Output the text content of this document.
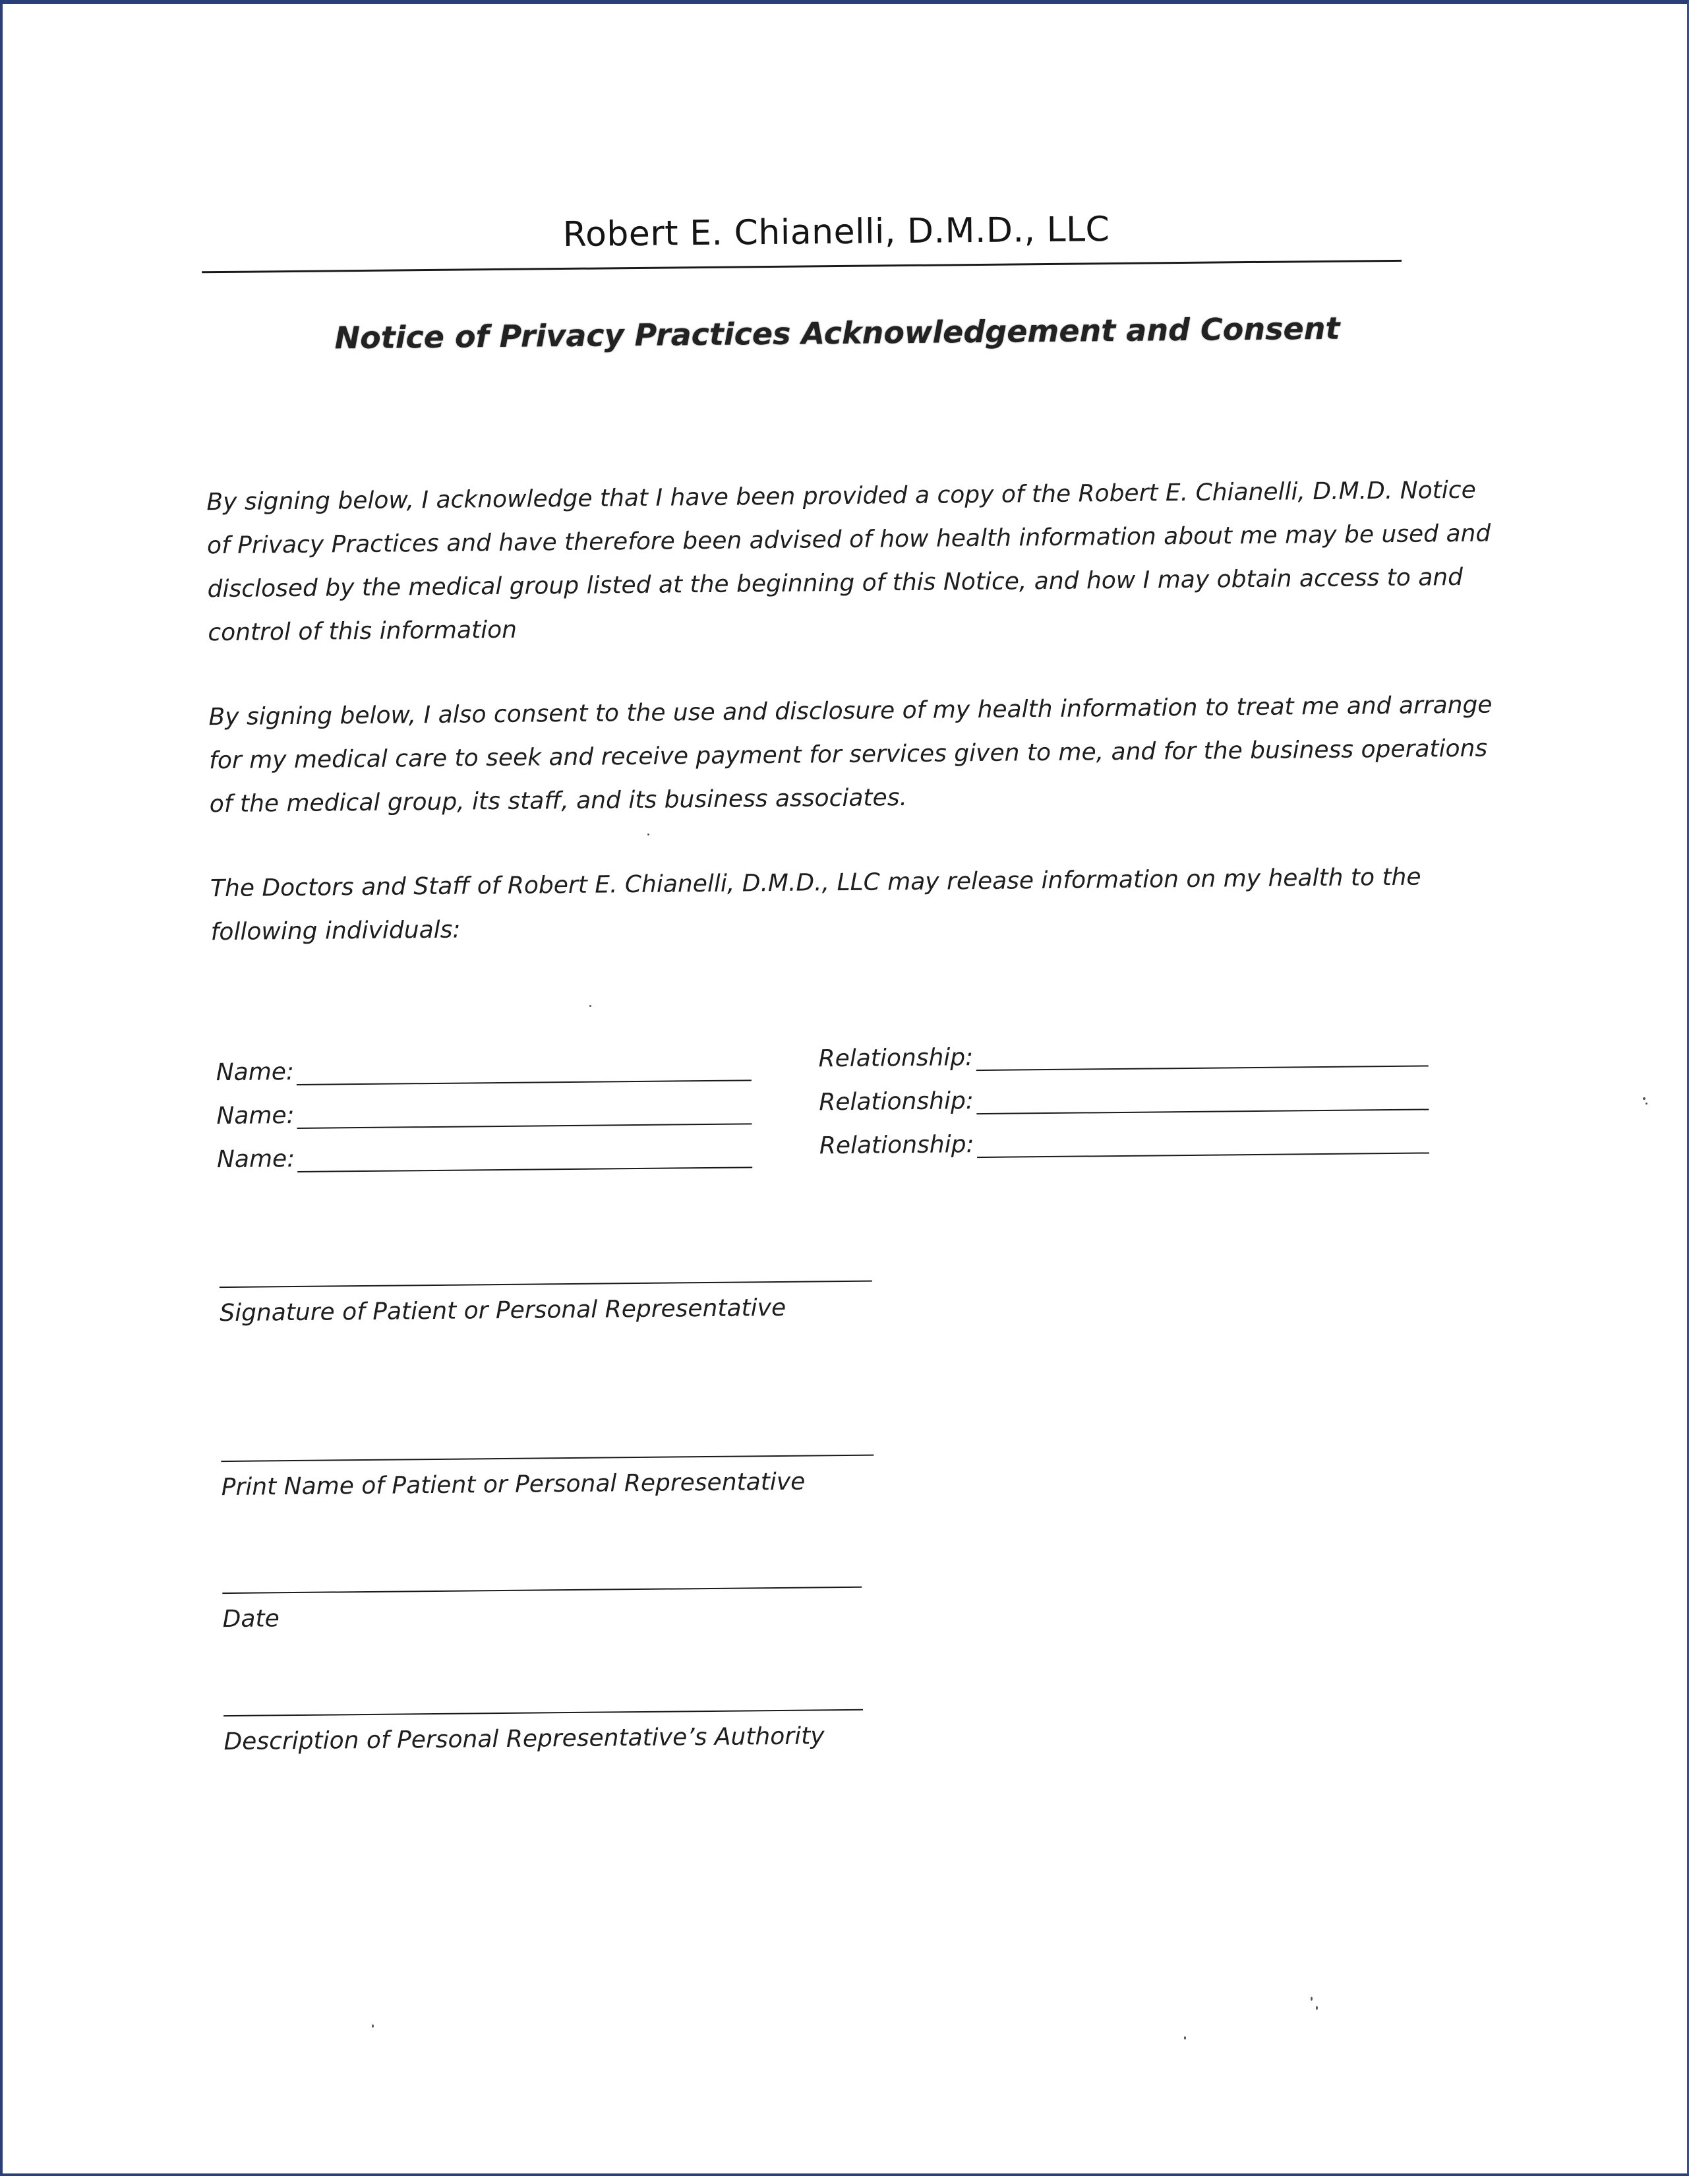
Robert E. Chianelli, D.M.D., LLC
Notice of Privacy Practices Acknowledgement and Consent

By signing below, I acknowledge that I have been provided a copy of the Robert E. Chianelli, D.M.D. Notice of Privacy Practices and have therefore been advised of how health information about me may be used and disclosed by the medical group listed at the beginning of this Notice, and how I may obtain access to and control of this information

By signing below, I also consent to the use and disclosure of my health information to treat me and arrange for my medical care to seek and receive payment for services given to me, and for the business operations of the medical group, its staff, and its business associates.

The Doctors and Staff of Robert E. Chianelli, D.M.D., LLC may release information on my health to the following individuals:

Name:	Relationship:
Name:	Relationship:
Name:	Relationship:
Signature of Patient or Personal Representative
Print Name of Patient or Personal Representative
Date
Description of Personal Representative’s Authority
